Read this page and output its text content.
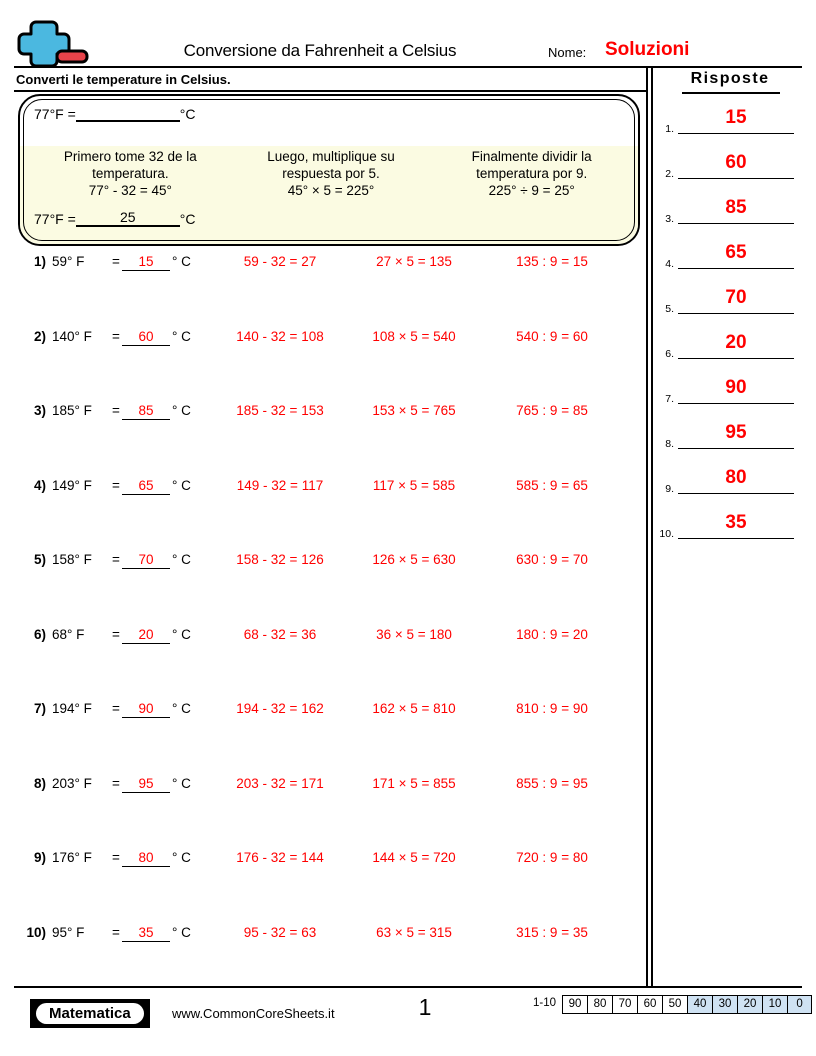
Conversione da Fahrenheit a Celsius	Nome: Soluzioni
Converti le temperature in Celsius.
77°F =	°C
Primero tome 32 de la
temperatura.
77° - 32 = 45°
Luego, multiplique su
respuesta por 5.
45° × 5 = 225°
Finalmente dividir la
temperatura por 9.
225° ÷ 9 = 25°
77°F =	25	°C
1) 59° F	=	15	° C	59 - 32 = 27	27 × 5 = 135	135 : 9 = 15
2) 140° F	=	60	° C	140 - 32 = 108	108 × 5 = 540	540 : 9 = 60
3) 185° F	=	85	° C	185 - 32 = 153	153 × 5 = 765	765 : 9 = 85
4) 149° F	=	65	° C	149 - 32 = 117	117 × 5 = 585	585 : 9 = 65
5) 158° F	=	70	° C	158 - 32 = 126	126 × 5 = 630	630 : 9 = 70
6) 68° F	=	20	° C	68 - 32 = 36	36 × 5 = 180	180 : 9 = 20
7) 194° F	=	90	° C	194 - 32 = 162	162 × 5 = 810	810 : 9 = 90
8) 203° F	=	95	° C	203 - 32 = 171	171 × 5 = 855	855 : 9 = 95
9) 176° F	=	80	° C	176 - 32 = 144	144 × 5 = 720	720 : 9 = 80
10) 95° F	=	35	° C	95 - 32 = 63	63 × 5 = 315	315 : 9 = 35
Risposte
1.
15
2.
60
3.
85
4.
65
5.
70
6.
20
7.
90
8.
95
9.
80
10.
35
Matematica	www.CommonCoreSheets.it	1	1-10	90	80	70	60	50	40	30	20	10	0
